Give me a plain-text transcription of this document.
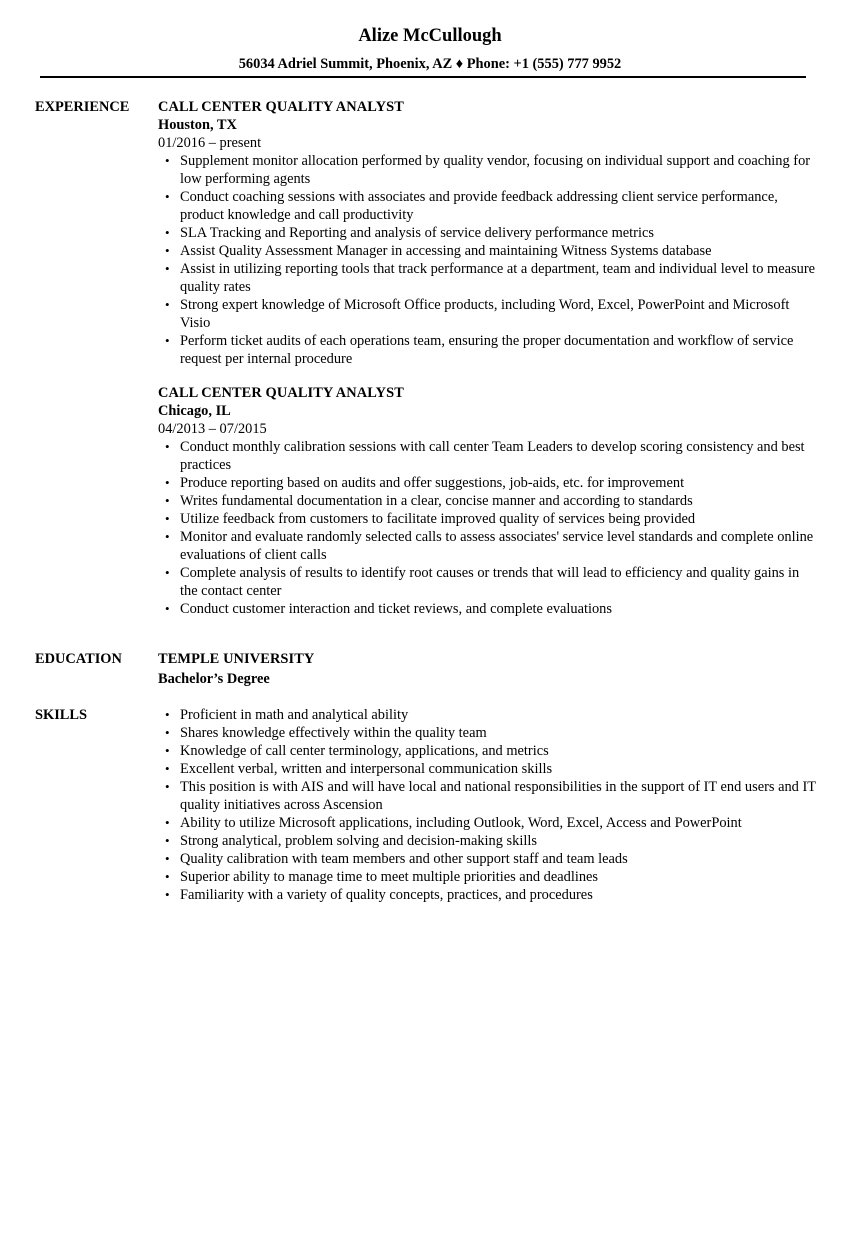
Alize McCullough
56034 Adriel Summit, Phoenix, AZ ♦ Phone: +1 (555) 777 9952
EXPERIENCE CALL CENTER QUALITY ANALYST
Houston, TX
01/2016 – present
• Supplement monitor allocation performed by quality vendor, focusing on individual support and coaching for low performing agents
• Conduct coaching sessions with associates and provide feedback addressing client service performance, product knowledge and call productivity
• SLA Tracking and Reporting and analysis of service delivery performance metrics
• Assist Quality Assessment Manager in accessing and maintaining Witness Systems database
• Assist in utilizing reporting tools that track performance at a department, team and individual level to measure quality rates
• Strong expert knowledge of Microsoft Office products, including Word, Excel, PowerPoint and Microsoft Visio
• Perform ticket audits of each operations team, ensuring the proper documentation and workflow of service request per internal procedure
CALL CENTER QUALITY ANALYST
Chicago, IL
04/2013 – 07/2015
• Conduct monthly calibration sessions with call center Team Leaders to develop scoring consistency and best practices
• Produce reporting based on audits and offer suggestions, job-aids, etc. for improvement
• Writes fundamental documentation in a clear, concise manner and according to standards
• Utilize feedback from customers to facilitate improved quality of services being provided
• Monitor and evaluate randomly selected calls to assess associates' service level standards and complete online evaluations of client calls
• Complete analysis of results to identify root causes or trends that will lead to efficiency and quality gains in the contact center
• Conduct customer interaction and ticket reviews, and complete evaluations
EDUCATION	TEMPLE UNIVERSITY
Bachelor’s Degree
SKILLS	• Proficient in math and analytical ability
• Shares knowledge effectively within the quality team
• Knowledge of call center terminology, applications, and metrics
• Excellent verbal, written and interpersonal communication skills
• This position is with AIS and will have local and national responsibilities in the support of IT end users and IT quality initiatives across Ascension
• Ability to utilize Microsoft applications, including Outlook, Word, Excel, Access and PowerPoint
• Strong analytical, problem solving and decision-making skills
• Quality calibration with team members and other support staff and team leads
• Superior ability to manage time to meet multiple priorities and deadlines
• Familiarity with a variety of quality concepts, practices, and procedures
